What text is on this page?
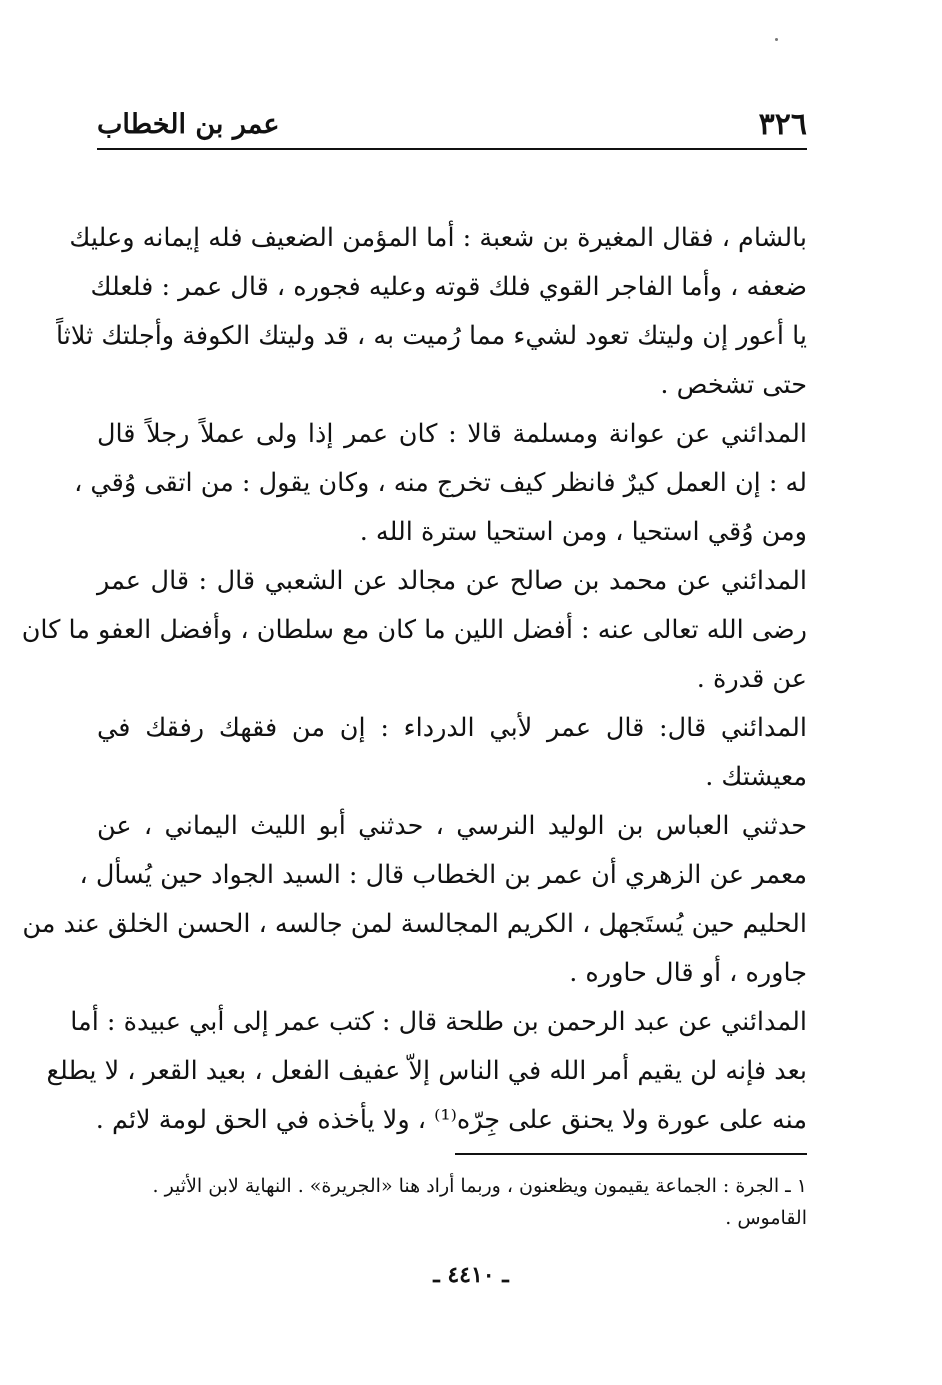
٣٢٦
عمر بن الخطاب
بالشام ، فقال المغيرة بن شعبة : أما المؤمن الضعيف فله إيمانه وعليك
ضعفه ، وأما الفاجر القوي فلك قوته وعليه فجوره ، قال عمر : فلعلك
يا أعور إن وليتك تعود لشيء مما رُميت به ، قد وليتك الكوفة وأجلتك ثلاثاً
حتى تشخص .
المدائني عن عوانة ومسلمة قالا : كان عمر إذا ولى عملاً رجلاً قال
له : إن العمل كيرٌ فانظر كيف تخرج منه ، وكان يقول : من اتقى وُقي ،
ومن وُقي استحيا ، ومن استحيا سترة الله .
المدائني عن محمد بن صالح عن مجالد عن الشعبي قال : قال عمر
رضى الله تعالى عنه : أفضل اللين ما كان مع سلطان ، وأفضل العفو ما كان
عن قدرة .
المدائني قال: قال عمر لأبي الدرداء : إن من فقهك رفقك في
معيشتك .
حدثني العباس بن الوليد النرسي ، حدثني أبو الليث اليماني ، عن
معمر عن الزهري أن عمر بن الخطاب قال : السيد الجواد حين يُسأل ،
الحليم حين يُستَجهل ، الكريم المجالسة لمن جالسه ، الحسن الخلق عند من
جاوره ، أو قال حاوره .
المدائني عن عبد الرحمن بن طلحة قال : كتب عمر إلى أبي عبيدة : أما
بعد فإنه لن يقيم أمر الله في الناس إلاّ عفيف الفعل ، بعيد القعر ، لا يطلع
منه على عورة ولا يحنق على جِرّه⁽¹⁾ ، ولا يأخذه في الحق لومة لائم .
١ ـ الجرة : الجماعة يقيمون ويظعنون ، وربما أراد هنا «الجريرة» . النهاية لابن الأثير .
القاموس .
ـ ٤٤١٠ ـ
